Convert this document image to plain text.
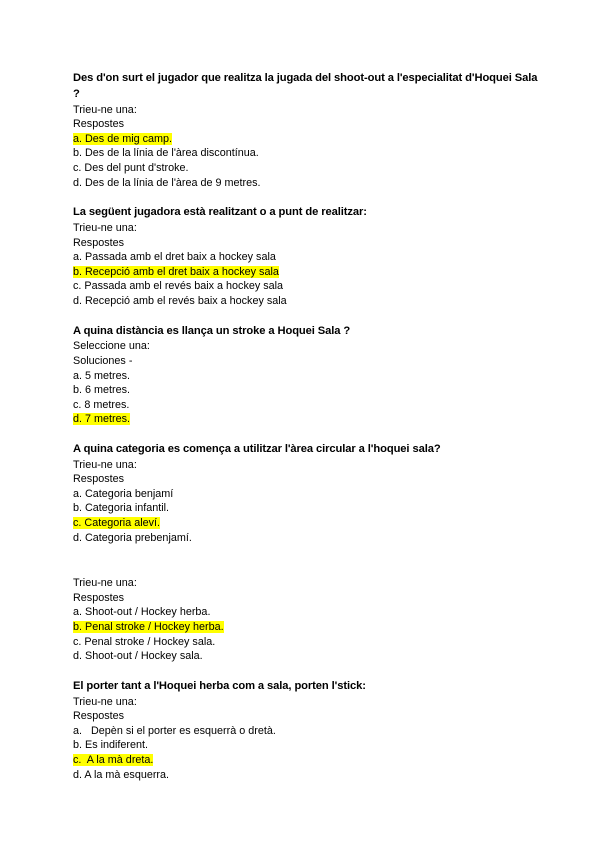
Des d'on surt el jugador que realitza la jugada del shoot-out a l'especialitat d'Hoquei Sala ?
Trieu-ne una:
Respostes
a. Des de mig camp.
b. Des de la línia de l'àrea discontínua.
c. Des del punt d'stroke.
d. Des de la línia de l'àrea de 9 metres.
La següent jugadora està realitzant o a punt de realitzar:
Trieu-ne una:
Respostes
a. Passada amb el dret baix a hockey sala
b. Recepció amb el dret baix a hockey sala
c. Passada amb el revés baix a hockey sala
d. Recepció amb el revés baix a hockey sala
A quina distància es llança un stroke a Hoquei Sala ?
Seleccione una:
Soluciones -
a. 5 metres.
b. 6 metres.
c. 8 metres.
d. 7 metres.
A quina categoria es comença a utilitzar l'àrea circular a l'hoquei sala?
Trieu-ne una:
Respostes
a. Categoria benjamí
b. Categoria infantil.
c. Categoria aleví.
d. Categoria prebenjamí.
Trieu-ne una:
Respostes
a. Shoot-out / Hockey herba.
b. Penal stroke / Hockey herba.
c. Penal stroke / Hockey sala.
d. Shoot-out / Hockey sala.
El porter tant a l'Hoquei herba com a sala, porten l'stick:
Trieu-ne una:
Respostes
a.   Depèn si el porter es esquerrà o dretà.
b. Es indiferent.
c.  A la mà dreta.
d. A la mà esquerra.
